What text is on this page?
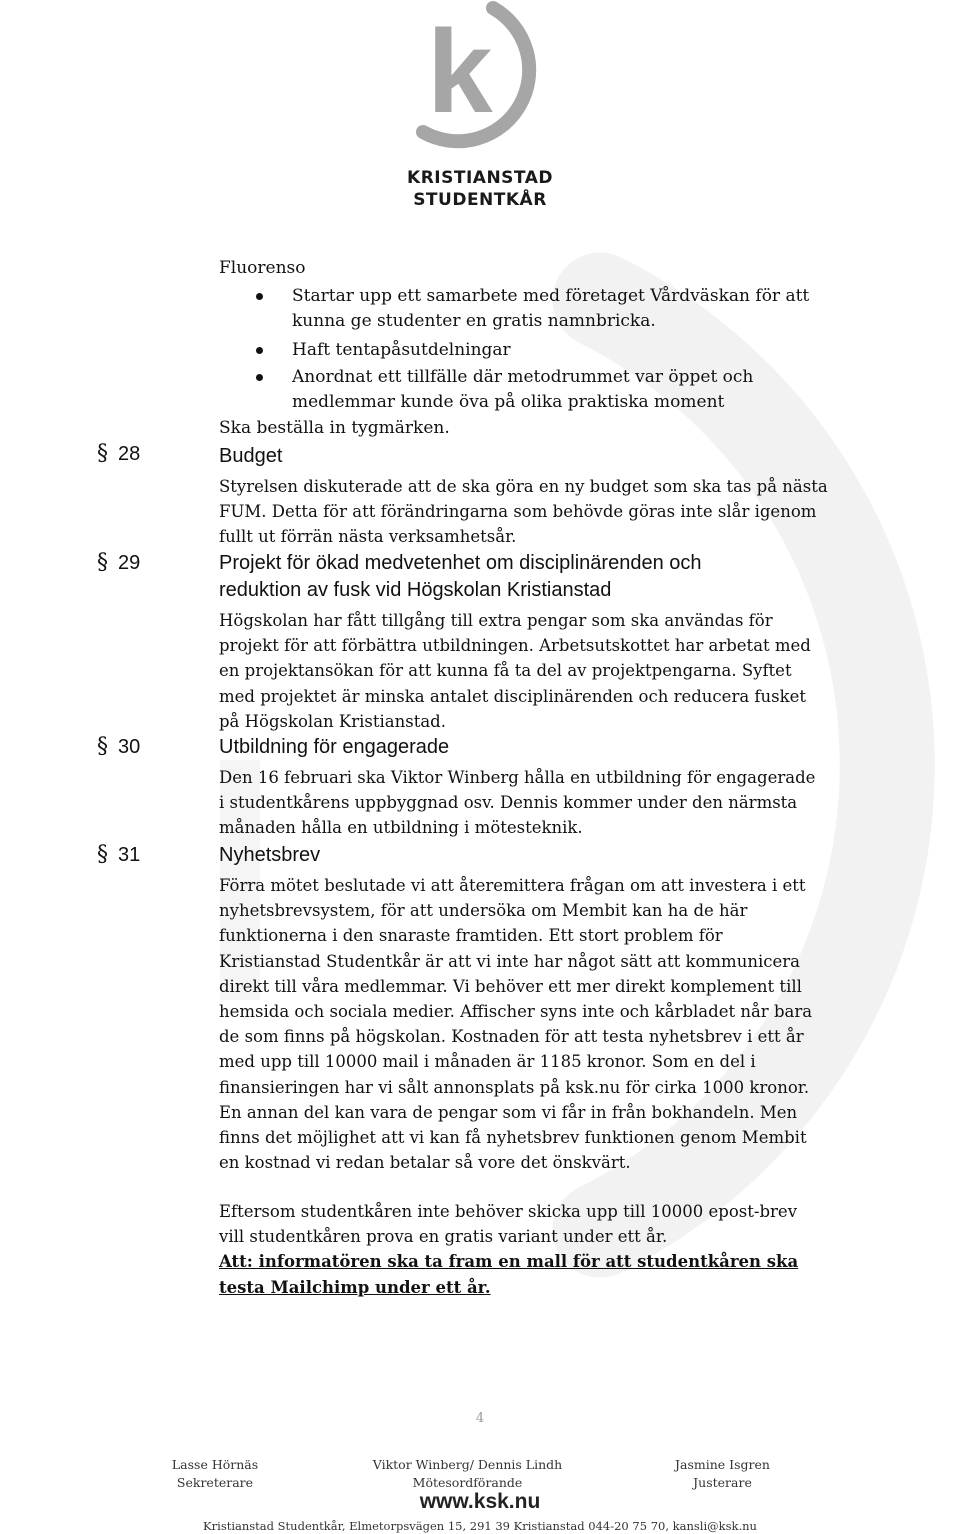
k
KRISTIANSTAD
STUDENTKÅR
Fluorenso
Startar upp ett samarbete med företaget Vårdväskan för att
kunna ge studenter en gratis namnbricka.
Haft tentapåsutdelningar
Anordnat ett tillfälle där metodrummet var öppet och
medlemmar kunde öva på olika praktiska moment
Ska beställa in tygmärken.
§ 28	Budget

Styrelsen diskuterade att de ska göra en ny budget som ska tas på nästa

FUM. Detta för att förändringarna som behövde göras inte slår igenom

fullt ut förrän nästa verksamhetsår.

§ 29	Projekt för ökad medvetenhet om disciplinärenden och
reduktion av fusk vid Högskolan Kristianstad

Högskolan har fått tillgång till extra pengar som ska användas för

projekt för att förbättra utbildningen. Arbetsutskottet har arbetat med

en projektansökan för att kunna få ta del av projektpengarna. Syftet

med projektet är minska antalet disciplinärenden och reducera fusket

på Högskolan Kristianstad.

§ 30	Utbildning för engagerade

Den 16 februari ska Viktor Winberg hålla en utbildning för engagerade

i studentkårens uppbyggnad osv. Dennis kommer under den närmsta

månaden hålla en utbildning i mötesteknik.

§ 31	Nyhetsbrev

Förra mötet beslutade vi att återemittera frågan om att investera i ett

nyhetsbrevsystem, för att undersöka om Membit kan ha de här

funktionerna i den snaraste framtiden. Ett stort problem för

Kristianstad Studentkår är att vi inte har något sätt att kommunicera

direkt till våra medlemmar. Vi behöver ett mer direkt komplement till

hemsida och sociala medier. Affischer syns inte och kårbladet når bara

de som finns på högskolan. Kostnaden för att testa nyhetsbrev i ett år

med upp till 10000 mail i månaden är 1185 kronor. Som en del i

finansieringen har vi sålt annonsplats på ksk.nu för cirka 1000 kronor.

En annan del kan vara de pengar som vi får in från bokhandeln. Men

finns det möjlighet att vi kan få nyhetsbrev funktionen genom Membit

en kostnad vi redan betalar så vore det önskvärt.

Eftersom studentkåren inte behöver skicka upp till 10000 epost-brev

vill studentkåren prova en gratis variant under ett år.

Att: informatören ska ta fram en mall för att studentkåren ska

testa Mailchimp under ett år.

4
Lasse Hörnäs
Sekreterare
Viktor Winberg/ Dennis Lindh
Mötesordförande
Jasmine Isgren
Justerare
www.ksk.nu
Kristianstad Studentkår, Elmetorpsvägen 15, 291 39 Kristianstad 044-20 75 70, kansli@ksk.nu
